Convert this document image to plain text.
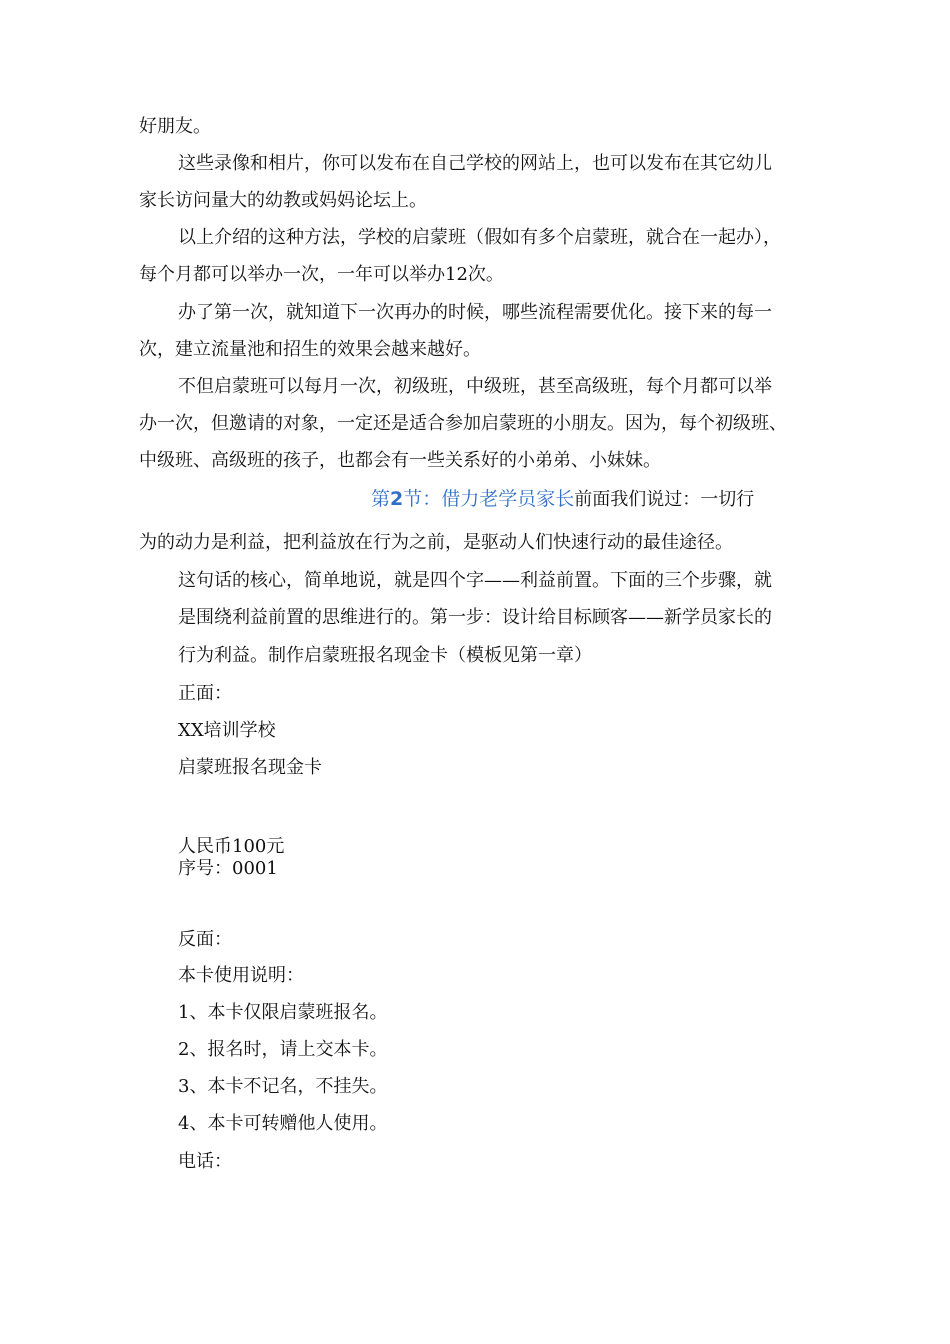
好朋友。
这些录像和相片，你可以发布在自己学校的网站上，也可以发布在其它幼儿
家长访问量大的幼教或妈妈论坛上。
以上介绍的这种方法，学校的启蒙班（假如有多个启蒙班，就合在一起办），
每个月都可以举办一次，一年可以举办12次。
办了第一次，就知道下一次再办的时候，哪些流程需要优化。接下来的每一
次，建立流量池和招生的效果会越来越好。
不但启蒙班可以每月一次，初级班，中级班，甚至高级班，每个月都可以举
办一次，但邀请的对象，一定还是适合参加启蒙班的小朋友。因为，每个初级班、
中级班、高级班的孩子，也都会有一些关系好的小弟弟、小妹妹。
第2节：借力老学员家长前面我们说过：一切行
为的动力是利益，把利益放在行为之前，是驱动人们快速行动的最佳途径。
这句话的核心，简单地说，就是四个字——利益前置。下面的三个步骤，就
是围绕利益前置的思维进行的。第一步：设计给目标顾客——新学员家长的
行为利益。制作启蒙班报名现金卡（模板见第一章）
正面：
XX培训学校
启蒙班报名现金卡
人民币100元
序号：0001
反面：
本卡使用说明：
1、本卡仅限启蒙班报名。
2、报名时，请上交本卡。
3、本卡不记名，不挂失。
4、本卡可转赠他人使用。
电话：
